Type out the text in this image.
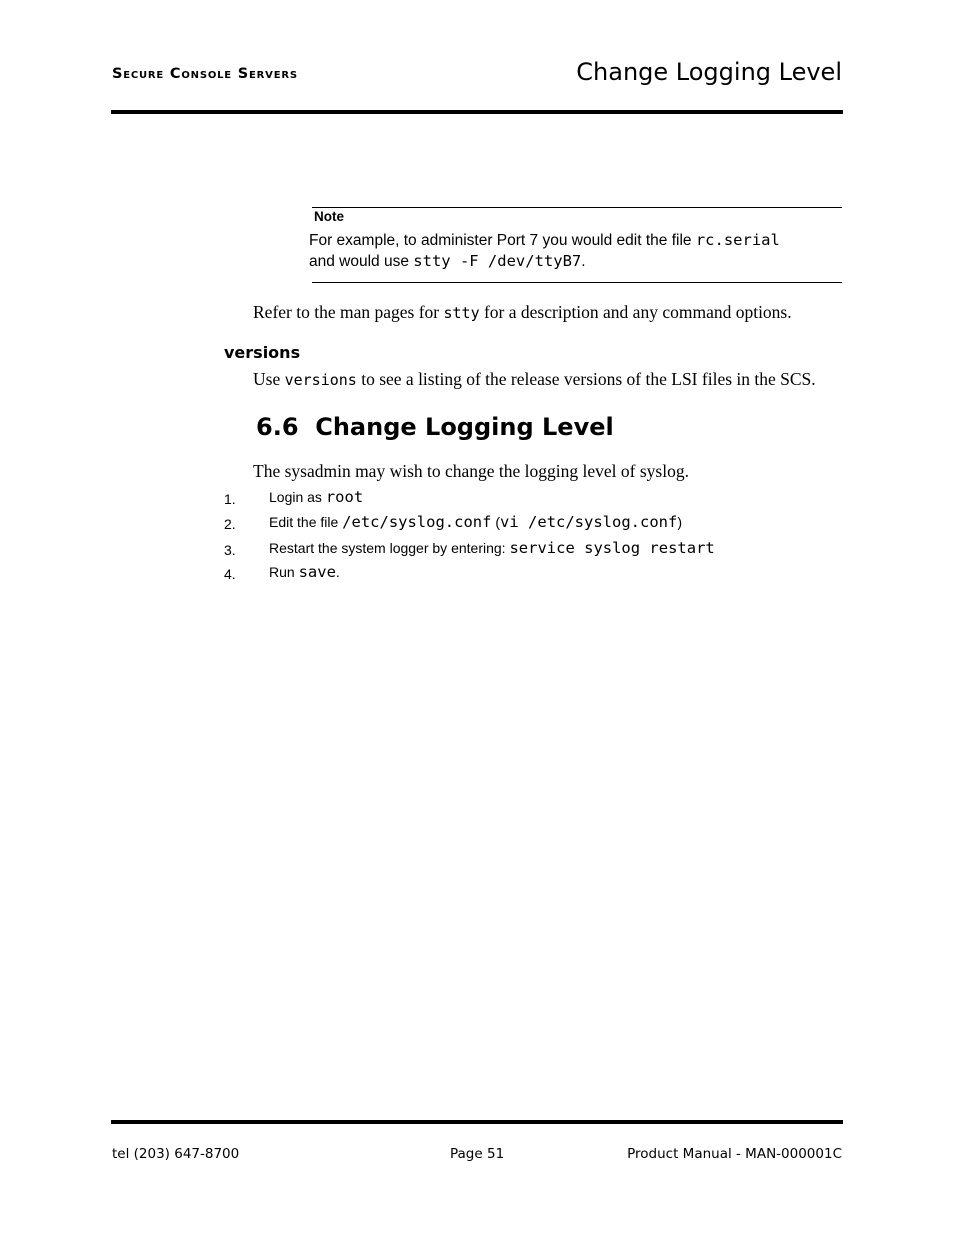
Secure Console Servers	Change Logging Level
Note
For example, to administer Port 7 you would edit the file rc.serial
and would use stty -F /dev/ttyB7.
Refer to the man pages for stty for a description and any command options.
versions
Use versions to see a listing of the release versions of the LSI files in the SCS.
6.6  Change Logging Level
The sysadmin may wish to change the logging level of syslog.
1. Login as root
2. Edit the file /etc/syslog.conf (vi /etc/syslog.conf)
3. Restart the system logger by entering: service syslog restart
4. Run save.
tel (203) 647-8700	Page 51	Product Manual - MAN-000001C
